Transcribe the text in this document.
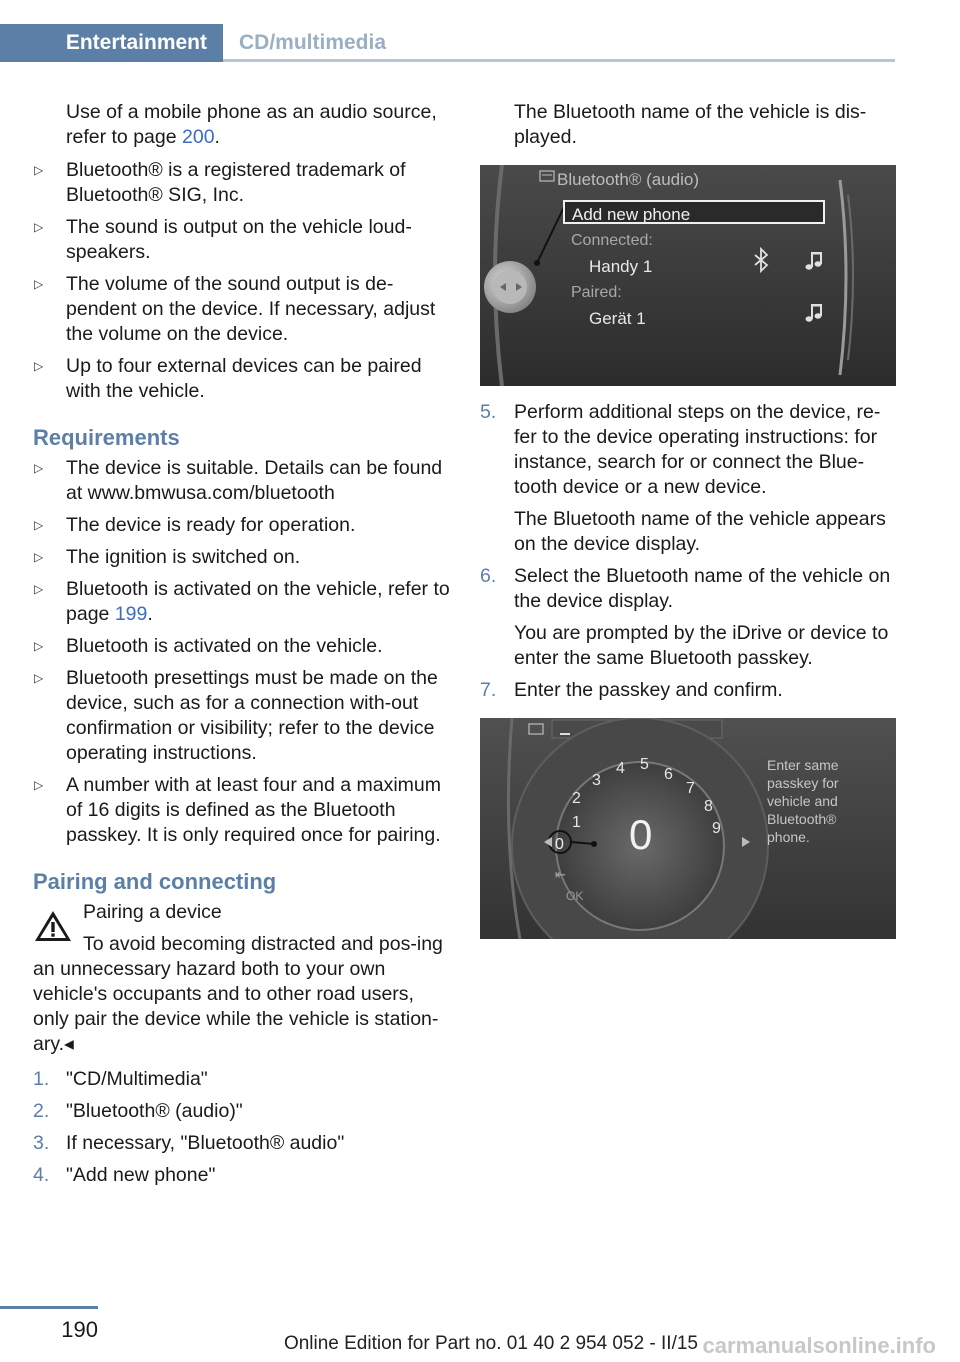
Entertainment	CD/multimedia

Use of a mobile phone as an audio source, refer to page 200.

▷ Bluetooth® is a registered trademark of Bluetooth® SIG, Inc.
▷ The sound is output on the vehicle loud-speakers.
▷ The volume of the sound output is de-pendent on the device. If necessary, adjust the volume on the device.
▷ Up to four external devices can be paired with the vehicle.
Requirements
▷ The device is suitable. Details can be found at www.bmwusa.com/bluetooth
▷ The device is ready for operation.
▷ The ignition is switched on.
▷ Bluetooth is activated on the vehicle, refer to page 199.
▷ Bluetooth is activated on the vehicle.
▷ Bluetooth presettings must be made on the device, such as for a connection with-out confirmation or visibility; refer to the device operating instructions.
▷ A number with at least four and a maximum of 16 digits is defined as the Bluetooth passkey. It is only required once for pairing.
Pairing and connecting
Pairing a device
To avoid becoming distracted and pos-ing an unnecessary hazard both to your own vehicle's occupants and to other road users, only pair the device while the vehicle is station-ary.◂
1. "CD/Multimedia"
2. "Bluetooth® (audio)"
3. If necessary, "Bluetooth® audio"
4. "Add new phone"

The Bluetooth name of the vehicle is dis-played.

Bluetooth® (audio)
Add new phone
Connected:
Handy 1
Paired:
Gerät 1
5. Perform additional steps on the device, re-fer to the device operating instructions: for instance, search for or connect the Blue-tooth device or a new device.
The Bluetooth name of the vehicle appears on the device display.
6. Select the Bluetooth name of the vehicle on the device display.
You are prompted by the iDrive or device to enter the same Bluetooth passkey.
7. Enter the passkey and confirm.
1
2
3
4 5
6
7
8
9
0
0
⇤
OK
Enter same passkey for vehicle and Bluetooth® phone.
190
Online Edition for Part no. 01 40 2 954 052 - II/15 carmanualsonline.info
